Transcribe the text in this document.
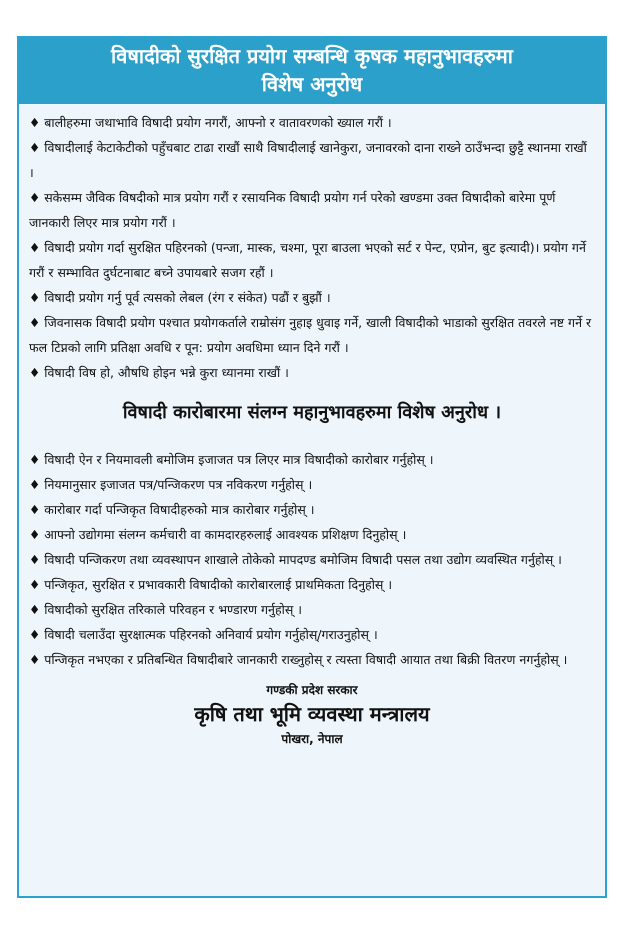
विषादीको सुरक्षित प्रयोग सम्बन्धि कृषक महानुभावहरुमा
विशेष अनुरोध

♦ बालीहरुमा जथाभावि विषादी प्रयोग नगरौं, आफ्नो र वातावरणको ख्याल गरौं ।

♦ विषादीलाई केटाकेटीको पहुँचबाट टाढा राखौं साथै विषादीलाई खानेकुरा, जनावरको दाना राख्ने ठाउँभन्दा छुट्टै स्थानमा राखौं ।

♦ सकेसम्म जैविक विषदीको मात्र प्रयोग गरौं र रसायनिक विषादी प्रयोग गर्न परेको खण्डमा उक्त विषादीको बारेमा पूर्ण जानकारी लिएर मात्र प्रयोग गरौं ।

♦ विषादी प्रयोग गर्दा सुरक्षित पहिरनको (पन्जा, मास्क, चश्मा, पूरा बाउला भएको सर्ट र पेन्ट, एप्रोन, बुट इत्यादी)। प्रयोग गर्ने गरौं र सम्भावित दुर्घटनाबाट बच्ने उपायबारे सजग रहौं ।

♦ विषादी प्रयोग गर्नु पूर्व त्यसको लेबल (रंग र संकेत) पढौं र बुझौं ।

♦ जिवनासक विषादी प्रयोग पश्चात प्रयोगकर्ताले राम्रोसंग नुहाइ धुवाइ गर्ने, खाली विषादीको भाडाको सुरक्षित तवरले नष्ट गर्ने र फल टिप्नको लागि प्रतिक्षा अवधि र पून: प्रयोग अवधिमा ध्यान दिने गरौं ।

♦ विषादी विष हो, औषधि होइन भन्ने कुरा ध्यानमा राखौं ।

विषादी कारोबारमा संलग्न महानुभावहरुमा विशेष अनुरोध ।

♦ विषादी ऐन र नियमावली बमोजिम इजाजत पत्र लिएर मात्र विषादीको कारोबार गर्नुहोस् ।

♦ नियमानुसार इजाजत पत्र/पन्जिकरण पत्र नविकरण गर्नुहोस् ।

♦ कारोबार गर्दा पन्जिकृत विषादीहरुको मात्र कारोबार गर्नुहोस् ।

♦ आफ्नो उद्योगमा संलग्न कर्मचारी वा कामदारहरुलाई आवश्यक प्रशिक्षण दिनुहोस् ।

♦ विषादी पन्जिकरण तथा व्यवस्थापन शाखाले तोकेको मापदण्ड बमोजिम विषादी पसल तथा उद्योग व्यवस्थित गर्नुहोस् ।

♦ पन्जिकृत, सुरक्षित र प्रभावकारी विषादीको कारोबारलाई प्राथमिकता दिनुहोस् ।

♦ विषादीको सुरक्षित तरिकाले परिवहन र भण्डारण गर्नुहोस् ।

♦ विषादी चलाउँदा सुरक्षात्मक पहिरनको अनिवार्य प्रयोग गर्नुहोस्/गराउनुहोस् ।

♦ पन्जिकृत नभएका र प्रतिबन्धित विषादीबारे जानकारी राख्नुहोस् र त्यस्ता विषादी आयात तथा बिक्री वितरण नगर्नुहोस् ।

गण्डकी प्रदेश सरकार
कृषि तथा भूमि व्यवस्था मन्त्रालय
पोखरा, नेपाल
